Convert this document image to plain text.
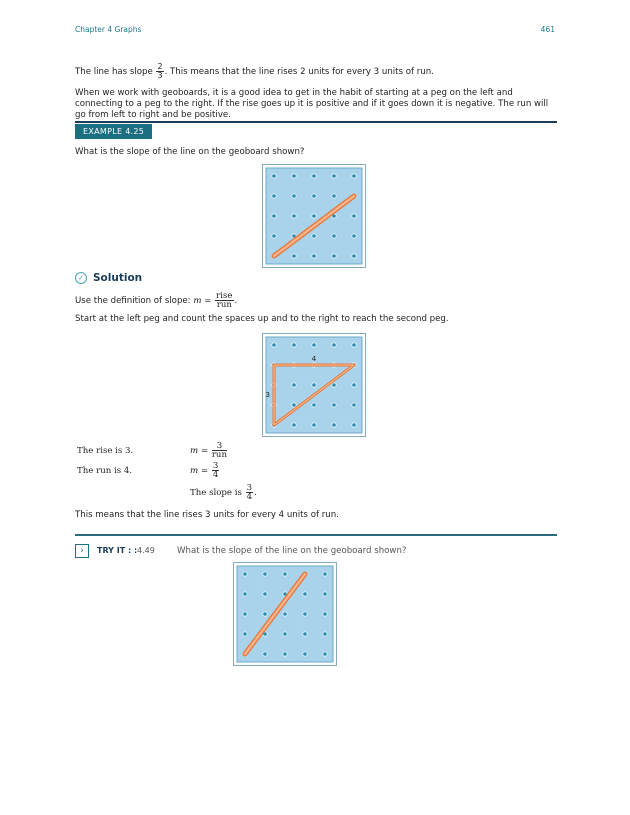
Chapter 4 Graphs	461
The line has slope $\frac{2}{3}$ . This means that the line rises 2 units for every 3 units of run.
When we work with geoboards, it is a good idea to get in the habit of starting at a peg on the left and connecting to a peg to the right. If the rise goes up it is positive and if it goes down it is negative. The run will go from left to right and be positive.
EXAMPLE 4.25
What is the slope of the line on the geoboard shown?
✓ Solution
Use the definition of slope: $m = \frac{\text{rise}}{\text{run}}$ .
Start at the left peg and count the spaces up and to the right to reach the second peg.
4
3
The rise is 3.	$m = \frac{3}{\text{run}}$
The run is 4.	$m = \frac{3}{4}$
The slope is $\frac{3}{4}$ .
This means that the line rises 3 units for every 4 units of run.
›	TRY IT : : 4.49	What is the slope of the line on the geoboard shown?
